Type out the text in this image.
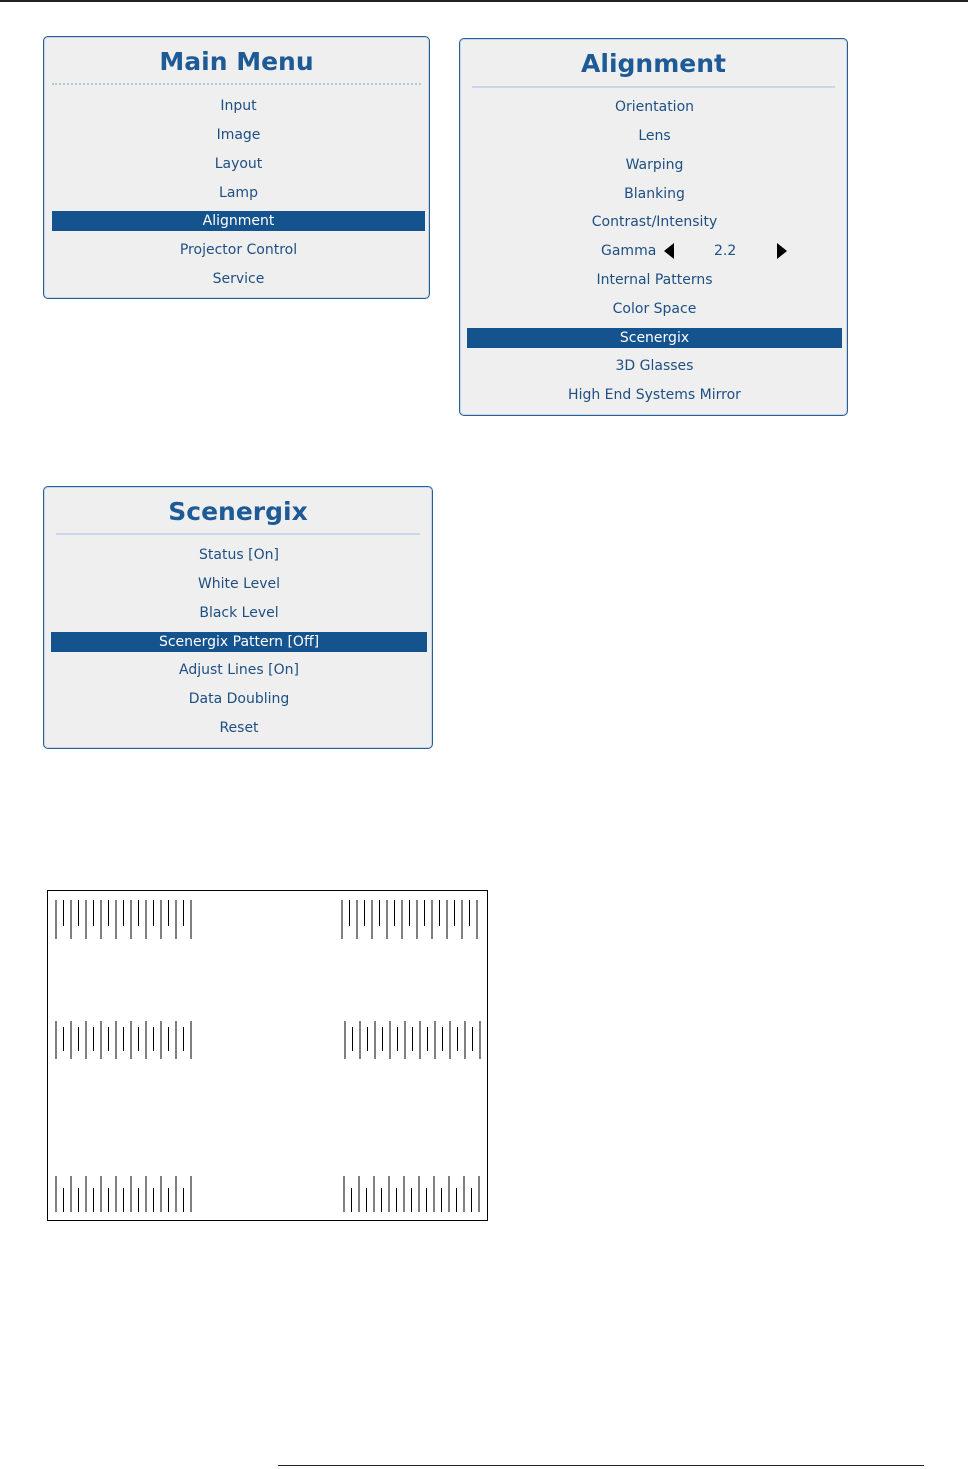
Main Menu
Input
Image
Layout
Lamp
Alignment
Projector Control
Service
Alignment
Orientation
Lens
Warping
Blanking
Contrast/Intensity
Gamma	2.2
Internal Patterns
Color Space
Scenergix
3D Glasses
High End Systems Mirror
Scenergix
Status [On]
White Level
Black Level
Scenergix Pattern [Off]
Adjust Lines [On]
Data Doubling
Reset
